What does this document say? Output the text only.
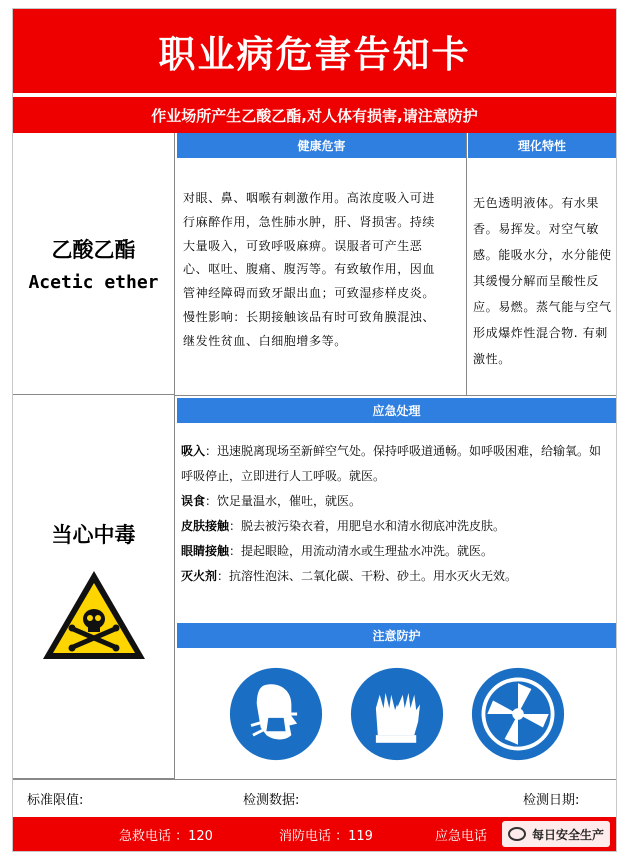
职业病危害告知卡
作业场所产生乙酸乙酯,对人体有损害,请注意防护
乙酸乙酯
Acetic ether
当心中毒
健康危害	理化特性
对眼、鼻、咽喉有刺激作用。高浓度吸入可进
行麻醉作用，急性肺水肿，肝、肾损害。持续
大量吸入，可致呼吸麻痹。误服者可产生恶
心、呕吐、腹痛、腹泻等。有致敏作用，因血
管神经障碍而致牙龈出血；可致湿疹样皮炎。
慢性影响：长期接触该品有时可致角膜混浊、
继发性贫血、白细胞增多等。
无色透明液体。有水果
香。易挥发。对空气敏
感。能吸水分，水分能使
其缓慢分解而呈酸性反
应。易燃。蒸气能与空气
形成爆炸性混合物. 有刺
激性。
应急处理
吸入：迅速脱离现场至新鲜空气处。保持呼吸道通畅。如呼吸困难，给输氧。如呼吸停止，立即进行人工呼吸。就医。
误食：饮足量温水，催吐，就医。
皮肤接触：脱去被污染衣着，用肥皂水和清水彻底冲洗皮肤。
眼睛接触：提起眼睑，用流动清水或生理盐水冲洗。就医。
灭火剂：抗溶性泡沫、二氧化碳、干粉、砂土。用水灭火无效。
注意防护
标准限值:	检测数据:	检测日期:
急救电话 ：120	消防电话 ：119	应急电话	每日安全生产
